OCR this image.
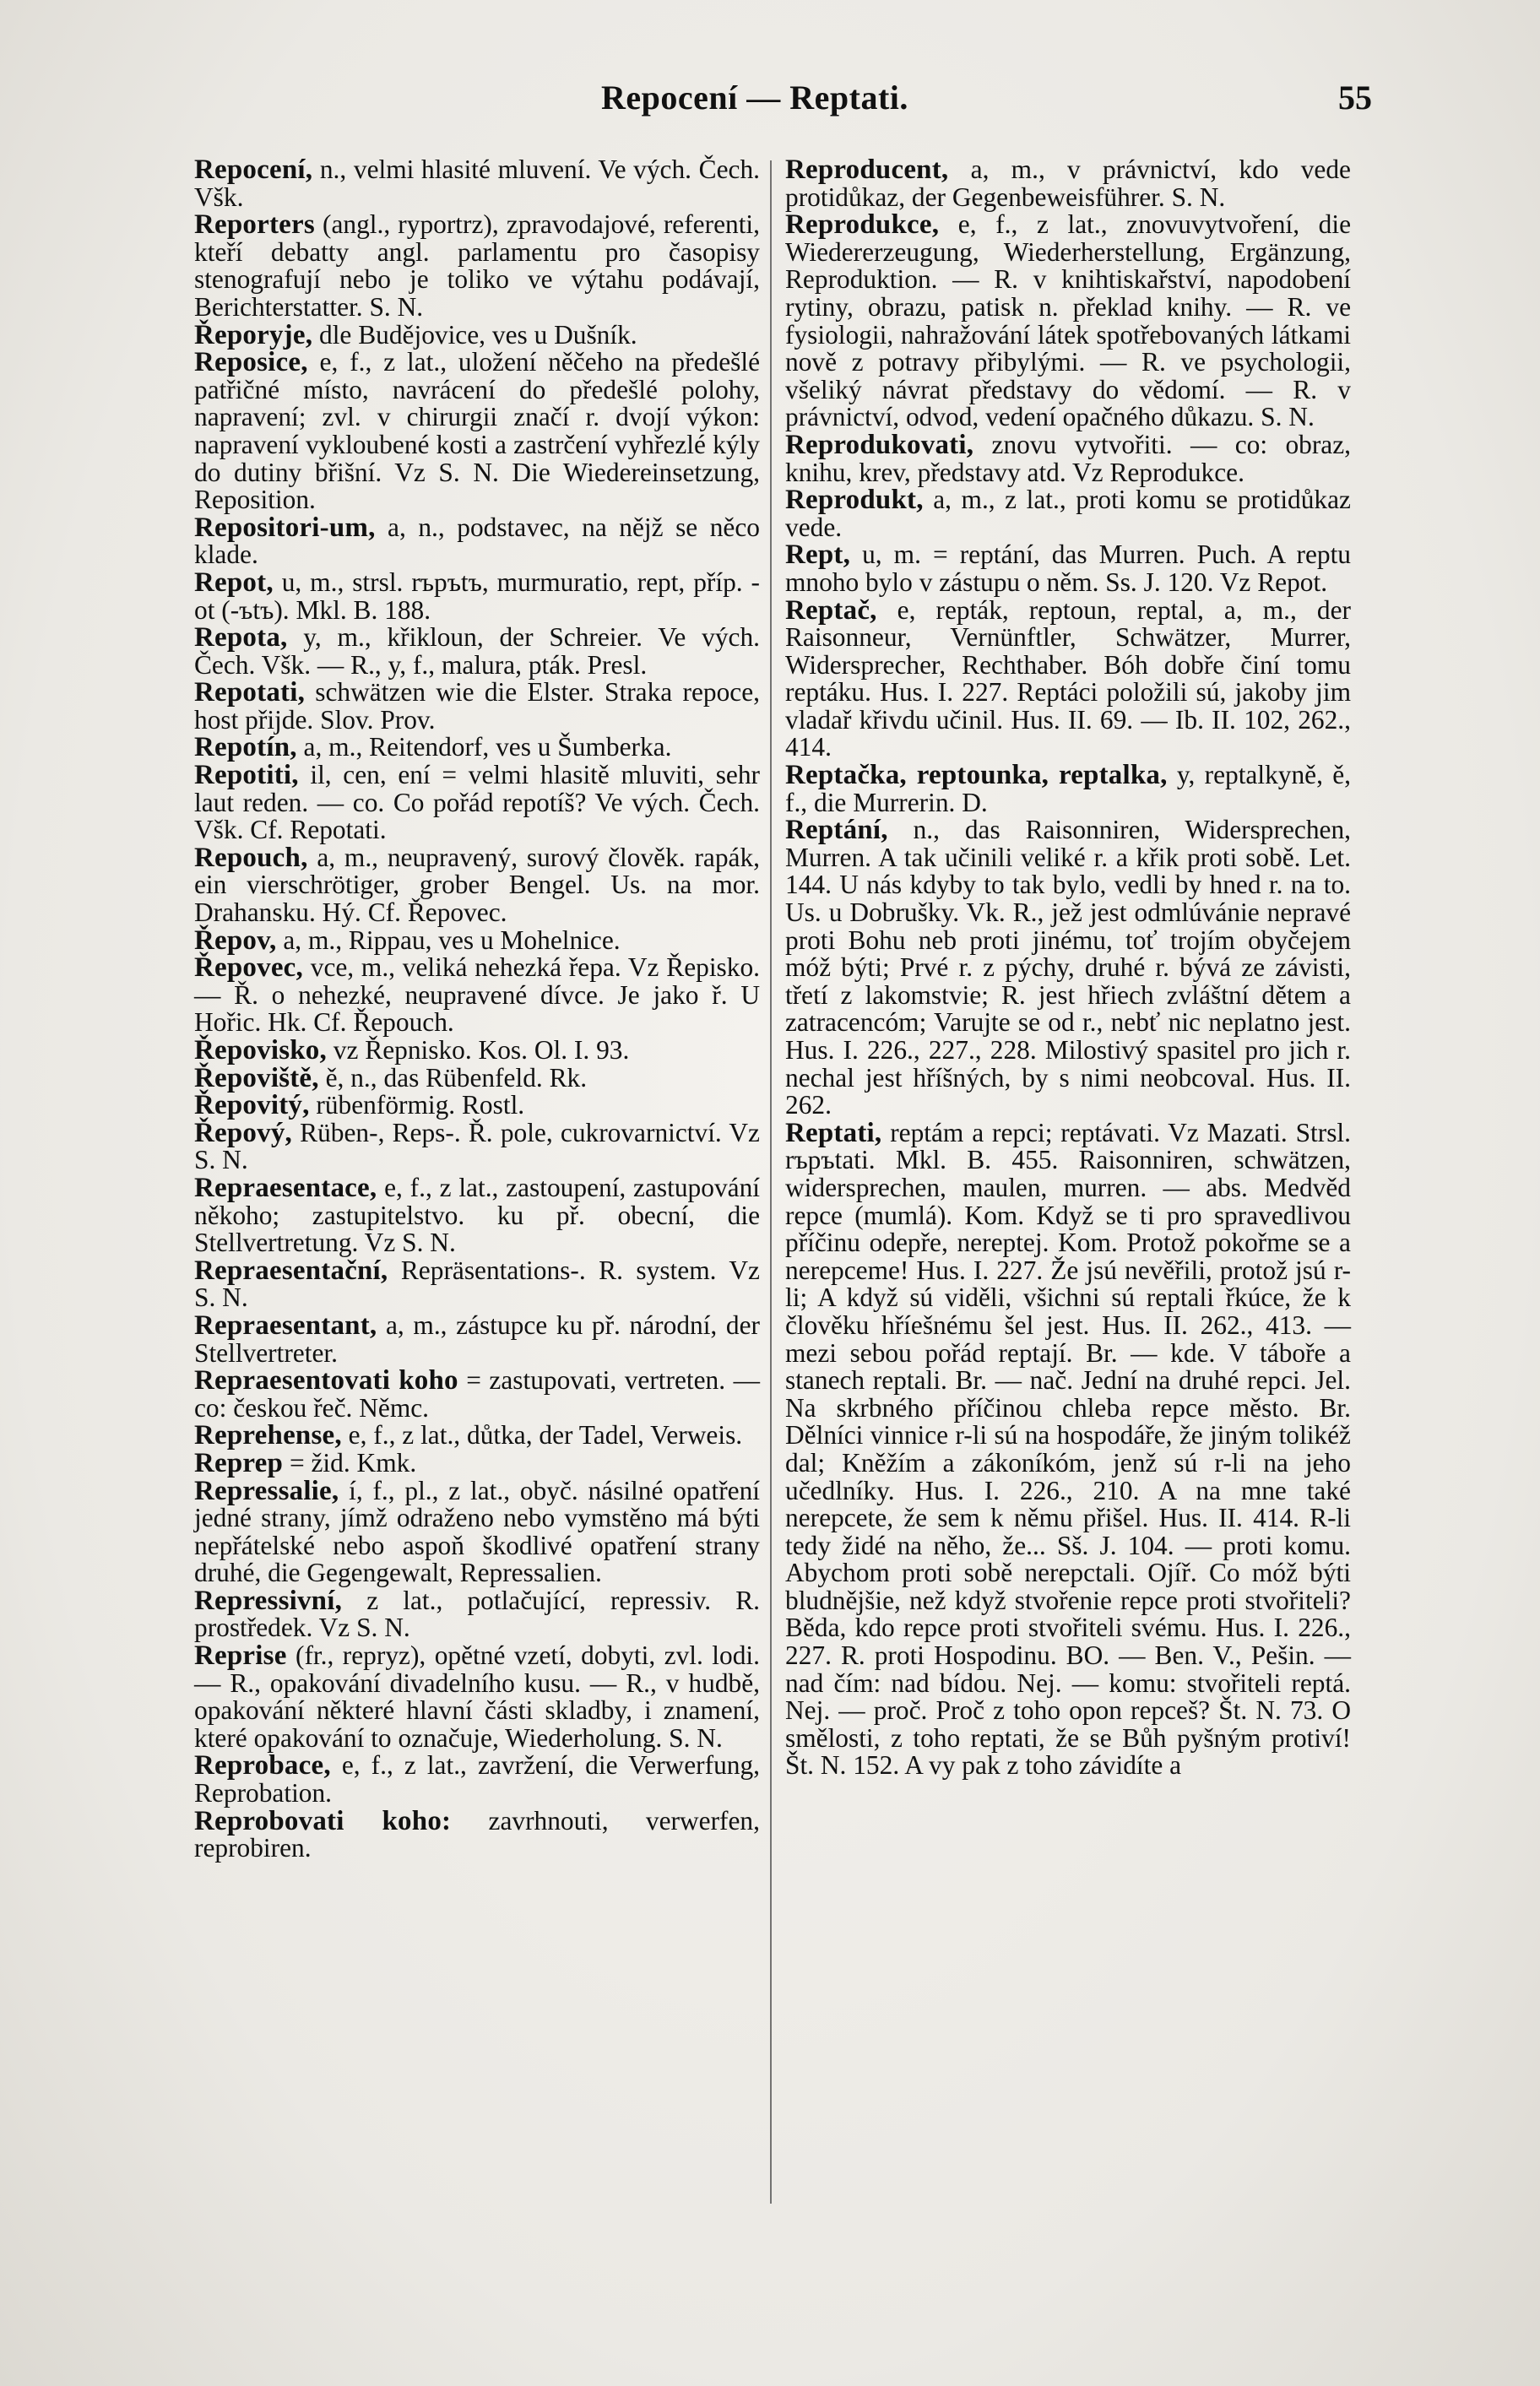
Repocení — Reptati.	55

Repocení, n., velmi hlasité mluvení. Ve vých. Čech. Všk.

Reporters (angl., ryportrz), zpravodajové, referenti, kteří debatty angl. parlamentu pro časopisy stenografují nebo je toliko ve výtahu podávají, Berichterstatter. S. N.

Řeporyje, dle Budějovice, ves u Dušník.

Reposice, e, f., z lat., uložení něčeho na předešlé patřičné místo, navrácení do předešlé polohy, napravení; zvl. v chirurgii značí r. dvojí výkon: napravení vykloubené kosti a zastrčení vyhřezlé kýly do dutiny břišní. Vz S. N. Die Wiedereinsetzung, Reposition.

Repositori-um, a, n., podstavec, na nějž se něco klade.

Repot, u, m., strsl. rъpъtъ, murmuratio, rept, příp. -ot (-ъtъ). Mkl. B. 188.

Repota, y, m., křikloun, der Schreier. Ve vých. Čech. Všk. — R., y, f., malura, pták. Presl.

Repotati, schwätzen wie die Elster. Straka repoce, host přijde. Slov. Prov.

Repotín, a, m., Reitendorf, ves u Šumberka.

Repotiti, il, cen, ení = velmi hlasitě mluviti, sehr laut reden. — co. Co pořád repotíš? Ve vých. Čech. Všk. Cf. Repotati.

Repouch, a, m., neupravený, surový člověk. rapák, ein vierschrötiger, grober Bengel. Us. na mor. Drahansku. Hý. Cf. Řepovec.

Řepov, a, m., Rippau, ves u Mohelnice.

Řepovec, vce, m., veliká nehezká řepa. Vz Řepisko. — Ř. o nehezké, neupravené dívce. Je jako ř. U Hořic. Hk. Cf. Řepouch.

Řepovisko, vz Řepnisko. Kos. Ol. I. 93.

Řepoviště, ě, n., das Rübenfeld. Rk.

Řepovitý, rübenförmig. Rostl.

Řepový, Rüben-, Reps-. Ř. pole, cukrovarnictví. Vz S. N.

Repraesentace, e, f., z lat., zastoupení, zastupování někoho; zastupitelstvo. ku př. obecní, die Stellvertretung. Vz S. N.

Repraesentační, Repräsentations-. R. system. Vz S. N.

Repraesentant, a, m., zástupce ku př. národní, der Stellvertreter.

Repraesentovati koho = zastupovati, vertreten. — co: českou řeč. Němc.

Reprehense, e, f., z lat., důtka, der Tadel, Verweis.

Reprep = žid. Kmk.

Repressalie, í, f., pl., z lat., obyč. násilné opatření jedné strany, jímž odraženo nebo vymstěno má býti nepřátelské nebo aspoň škodlivé opatření strany druhé, die Gegengewalt, Repressalien.

Repressivní, z lat., potlačující, repressiv. R. prostředek. Vz S. N.

Reprise (fr., repryz), opětné vzetí, dobyti, zvl. lodi. — R., opakování divadelního kusu. — R., v hudbě, opakování některé hlavní části skladby, i znamení, které opakování to označuje, Wiederholung. S. N.

Reprobace, e, f., z lat., zavržení, die Verwerfung, Reprobation.

Reprobovati koho: zavrhnouti, verwerfen, reprobiren.

Reproducent, a, m., v právnictví, kdo vede protidůkaz, der Gegenbeweisführer. S. N.

Reprodukce, e, f., z lat., znovuvytvoření, die Wiedererzeugung, Wiederherstellung, Ergänzung, Reproduktion. — R. v knihtiskařství, napodobení rytiny, obrazu, patisk n. překlad knihy. — R. ve fysiologii, nahražování látek spotřebovaných látkami nově z potravy přibylými. — R. ve psychologii, všeliký návrat představy do vědomí. — R. v právnictví, odvod, vedení opačného důkazu. S. N.

Reprodukovati, znovu vytvořiti. — co: obraz, knihu, krev, představy atd. Vz Reprodukce.

Reprodukt, a, m., z lat., proti komu se protidůkaz vede.

Rept, u, m. = reptání, das Murren. Puch. A reptu mnoho bylo v zástupu o něm. Ss. J. 120. Vz Repot.

Reptač, e, repták, reptoun, reptal, a, m., der Raisonneur, Vernünftler, Schwätzer, Murrer, Widersprecher, Rechthaber. Bóh dobře činí tomu reptáku. Hus. I. 227. Reptáci položili sú, jakoby jim vladař křivdu učinil. Hus. II. 69. — Ib. II. 102, 262., 414.

Reptačka, reptounka, reptalka, y, reptalkyně, ě, f., die Murrerin. D.

Reptání, n., das Raisonniren, Widersprechen, Murren. A tak učinili veliké r. a křik proti sobě. Let. 144. U nás kdyby to tak bylo, vedli by hned r. na to. Us. u Dobrušky. Vk. R., jež jest odmlúvánie nepravé proti Bohu neb proti jinému, toť trojím obyčejem móž býti; Prvé r. z pýchy, druhé r. bývá ze závisti, třetí z lakomstvie; R. jest hřiech zvláštní dětem a zatracencóm; Varujte se od r., nebť nic neplatno jest. Hus. I. 226., 227., 228. Milostivý spasitel pro jich r. nechal jest hříšných, by s nimi neobcoval. Hus. II. 262.

Reptati, reptám a repci; reptávati. Vz Mazati. Strsl. rъpъtati. Mkl. B. 455. Raisonniren, schwätzen, widersprechen, maulen, murren. — abs. Medvěd repce (mumlá). Kom. Když se ti pro spravedlivou příčinu odepře, nereptej. Kom. Protož pokořme se a nerepceme! Hus. I. 227. Že jsú nevěřili, protož jsú r-li; A když sú viděli, všichni sú reptali řkúce, že k člověku hříešnému šel jest. Hus. II. 262., 413. — mezi sebou pořád reptají. Br. — kde. V táboře a stanech reptali. Br. — nač. Jední na druhé repci. Jel. Na skrbného příčinou chleba repce město. Br. Dělníci vinnice r-li sú na hospodáře, že jiným tolikéž dal; Kněžím a zákoníkóm, jenž sú r-li na jeho učedlníky. Hus. I. 226., 210. A na mne také nerepcete, že sem k němu přišel. Hus. II. 414. R-li tedy židé na něho, že... Sš. J. 104. — proti komu. Abychom proti sobě nerepctali. Ojíř. Co móž býti bludnějšie, než když stvořenie repce proti stvořiteli? Běda, kdo repce proti stvořiteli svému. Hus. I. 226., 227. R. proti Hospodinu. BO. — Ben. V., Pešin. — nad čím: nad bídou. Nej. — komu: stvořiteli reptá. Nej. — proč. Proč z toho opon repceš? Št. N. 73. O smělosti, z toho reptati, že se Bůh pyšným protiví! Št. N. 152. A vy pak z toho závidíte a
